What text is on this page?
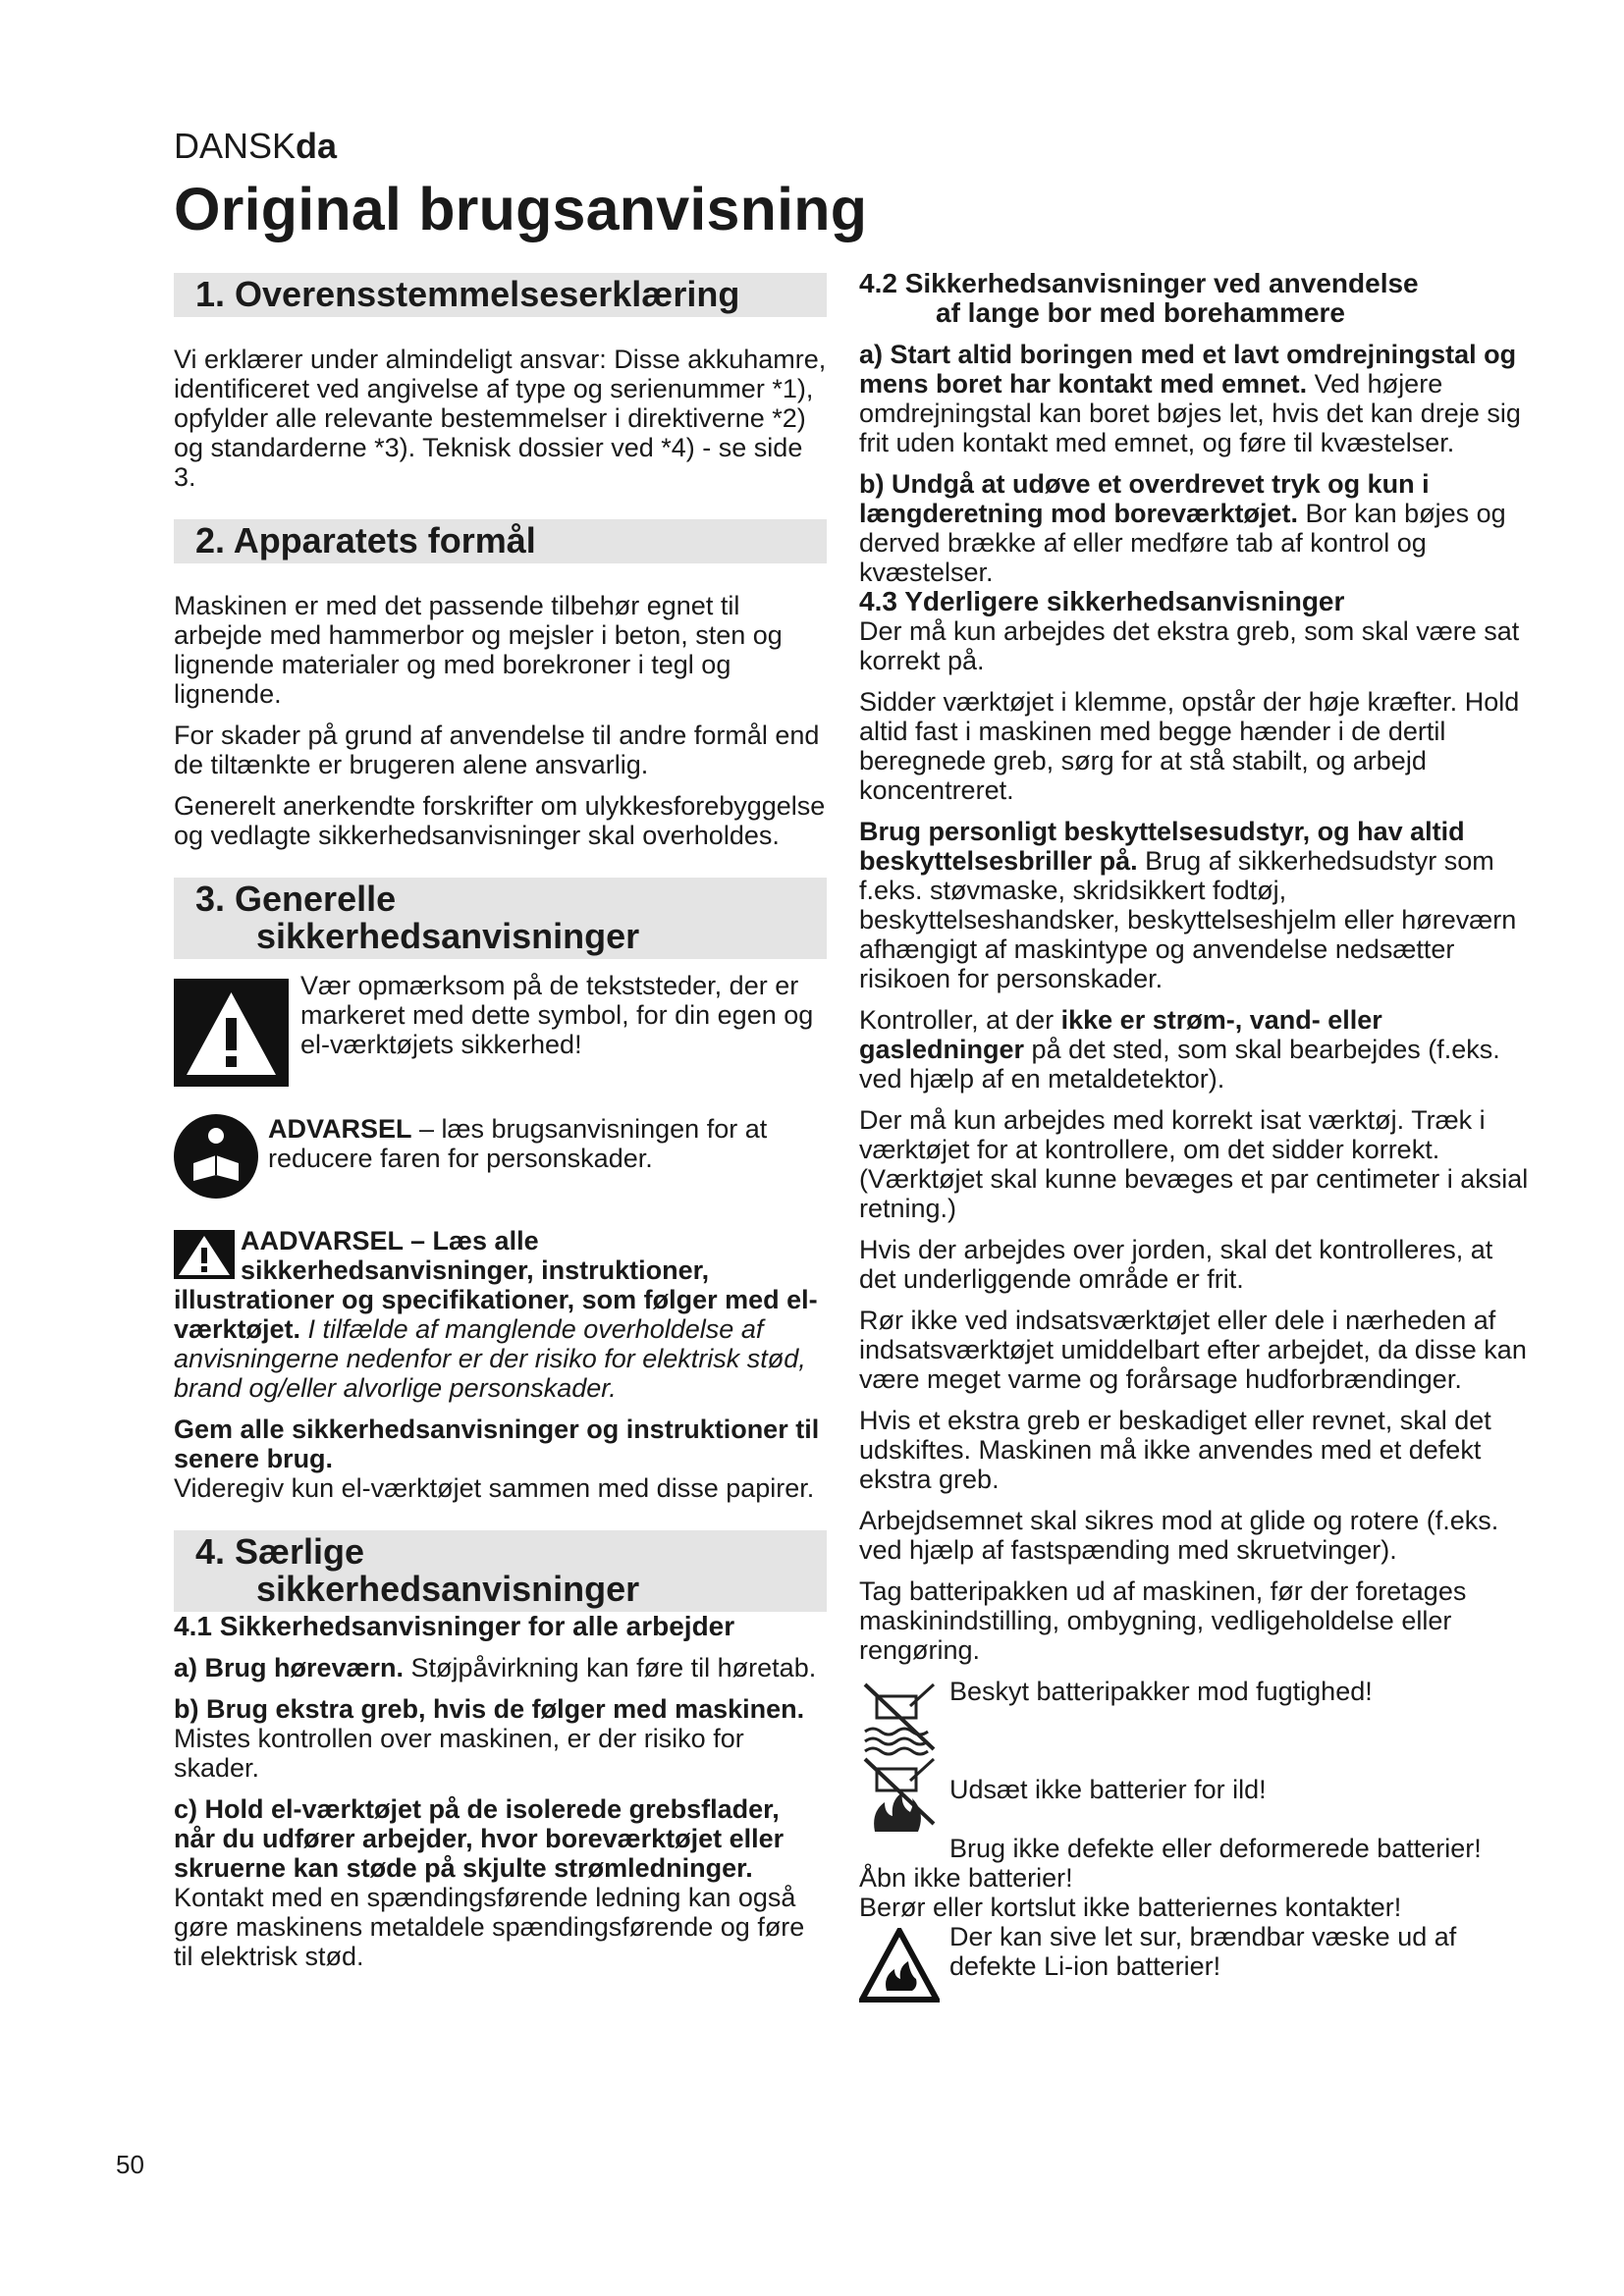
DANSKda
Original brugsanvisning
1. Overensstemmelseserklæring

Vi erklærer under almindeligt ansvar: Disse akkuhamre, identificeret ved angivelse af type og serienummer *1), opfylder alle relevante bestemmelser i direktiverne *2) og standarderne *3). Teknisk dossier ved *4) - se side 3.

2. Apparatets formål

Maskinen er med det passende tilbehør egnet til arbejde med hammerbor og mejsler i beton, sten og lignende materialer og med borekroner i tegl og lignende.

For skader på grund af anvendelse til andre formål end de tiltænkte er brugeren alene ansvarlig.

Generelt anerkendte forskrifter om ulykkesforebyggelse og vedlagte sikkerhedsanvisninger skal overholdes.

3. Generelle
sikkerhedsanvisninger

Vær opmærksom på de tekststeder, der er markeret med dette symbol, for din egen og el-værktøjets sikkerhed!

ADVARSEL – læs brugsanvisningen for at reducere faren for personskader.

AADVARSEL – Læs alle sikkerhedsanvisninger, instruktioner, illustrationer og specifikationer, som følger med el-værktøjet. I tilfælde af manglende overholdelse af anvisningerne nedenfor er der risiko for elektrisk stød, brand og/eller alvorlige personskader.

Gem alle sikkerhedsanvisninger og instruktioner til senere brug.
Videregiv kun el-værktøjet sammen med disse papirer.

4. Særlige
sikkerhedsanvisninger

4.1 Sikkerhedsanvisninger for alle arbejder

a) Brug høreværn. Støjpåvirkning kan føre til høretab.

b) Brug ekstra greb, hvis de følger med maskinen. Mistes kontrollen over maskinen, er der risiko for skader.

c) Hold el-værktøjet på de isolerede grebsflader, når du udfører arbejder, hvor boreværktøjet eller skruerne kan støde på skjulte strømledninger. Kontakt med en spændingsførende ledning kan også gøre maskinens metaldele spændingsførende og føre til elektrisk stød.

4.2 Sikkerhedsanvisninger ved anvendelse
af lange bor med borehammere

a) Start altid boringen med et lavt omdrejningstal og mens boret har kontakt med emnet. Ved højere omdrejningstal kan boret bøjes let, hvis det kan dreje sig frit uden kontakt med emnet, og føre til kvæstelser.

b) Undgå at udøve et overdrevet tryk og kun i længderetning mod boreværktøjet. Bor kan bøjes og derved brække af eller medføre tab af kontrol og kvæstelser.

4.3 Yderligere sikkerhedsanvisninger

Der må kun arbejdes det ekstra greb, som skal være sat korrekt på.

Sidder værktøjet i klemme, opstår der høje kræfter. Hold altid fast i maskinen med begge hænder i de dertil beregnede greb, sørg for at stå stabilt, og arbejd koncentreret.

Brug personligt beskyttelsesudstyr, og hav altid beskyttelsesbriller på. Brug af sikkerhedsudstyr som f.eks. støvmaske, skridsikkert fodtøj, beskyttelseshandsker, beskyttelseshjelm eller høreværn afhængigt af maskintype og anvendelse nedsætter risikoen for personskader.

Kontroller, at der ikke er strøm-, vand- eller gasledninger på det sted, som skal bearbejdes (f.eks. ved hjælp af en metaldetektor).

Der må kun arbejdes med korrekt isat værktøj. Træk i værktøjet for at kontrollere, om det sidder korrekt. (Værktøjet skal kunne bevæges et par centimeter i aksial retning.)

Hvis der arbejdes over jorden, skal det kontrolleres, at det underliggende område er frit.

Rør ikke ved indsatsværktøjet eller dele i nærheden af indsatsværktøjet umiddelbart efter arbejdet, da disse kan være meget varme og forårsage hudforbrændinger.

Hvis et ekstra greb er beskadiget eller revnet, skal det udskiftes. Maskinen må ikke anvendes med et defekt ekstra greb.

Arbejdsemnet skal sikres mod at glide og rotere (f.eks. ved hjælp af fastspænding med skruetvinger).

Tag batteripakken ud af maskinen, før der foretages maskinindstilling, ombygning, vedligeholdelse eller rengøring.

Beskyt batteripakker mod fugtighed!

Udsæt ikke batterier for ild!

Brug ikke defekte eller deformerede batterier!

Åbn ikke batterier!

Berør eller kortslut ikke batteriernes kontakter!

Der kan sive let sur, brændbar væske ud af defekte Li-ion batterier!

50
